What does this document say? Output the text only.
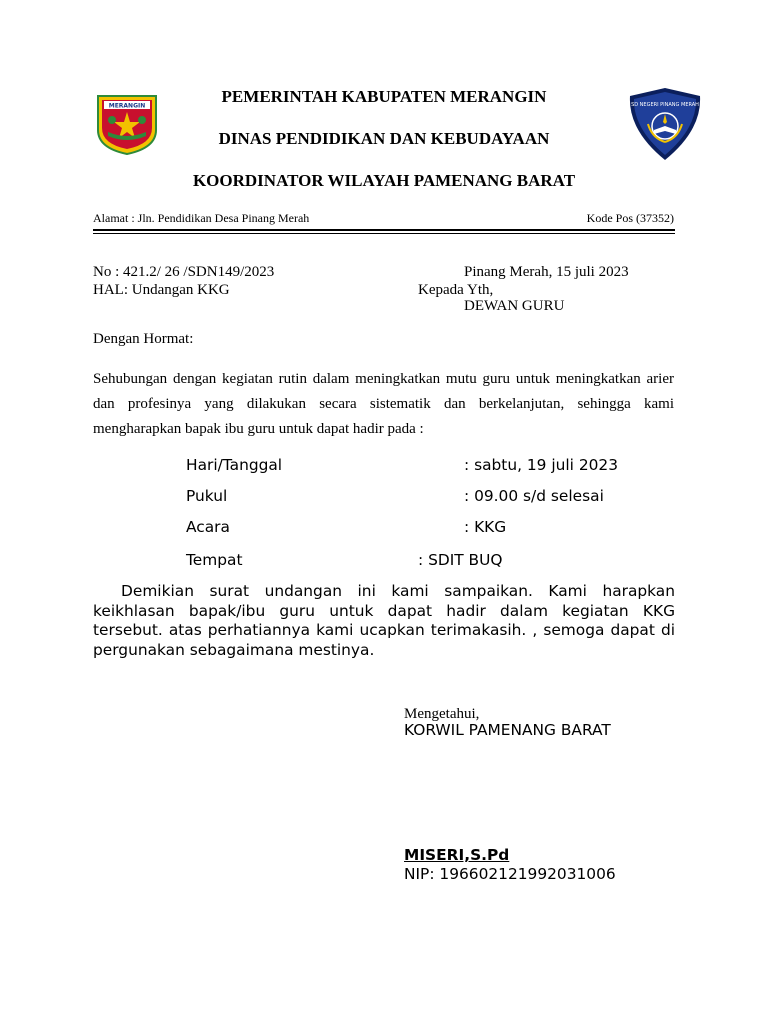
MERANGIN	SD NEGERI PINANG MERAH
PEMERINTAH KABUPATEN MERANGIN
DINAS PENDIDIKAN DAN KEBUDAYAAN
KOORDINATOR WILAYAH PAMENANG BARAT
Alamat : Jln. Pendidikan Desa Pinang Merah	Kode Pos (37352)
No : 421.2/ 26 /SDN149/2023
HAL: Undangan KKG
Pinang Merah, 15 juli 2023
Kepada Yth,
DEWAN GURU
Dengan Hormat:
Sehubungan dengan kegiatan rutin dalam meningkatkan mutu guru untuk meningkatkan arier dan profesinya yang dilakukan secara sistematik dan berkelanjutan, sehingga kami mengharapkan bapak ibu guru untuk dapat hadir pada :
Hari/Tanggal	: sabtu, 19 juli 2023
Pukul	: 09.00 s/d selesai
Acara	: KKG
Tempat	: SDIT BUQ
Demikian surat undangan ini kami sampaikan. Kami harapkan keikhlasan bapak/ibu guru untuk dapat hadir dalam kegiatan KKG tersebut. atas perhatiannya kami ucapkan terimakasih. , semoga dapat di pergunakan sebagaimana mestinya.
Mengetahui,
KORWIL PAMENANG BARAT
MISERI,S.Pd
NIP: 196602121992031006
